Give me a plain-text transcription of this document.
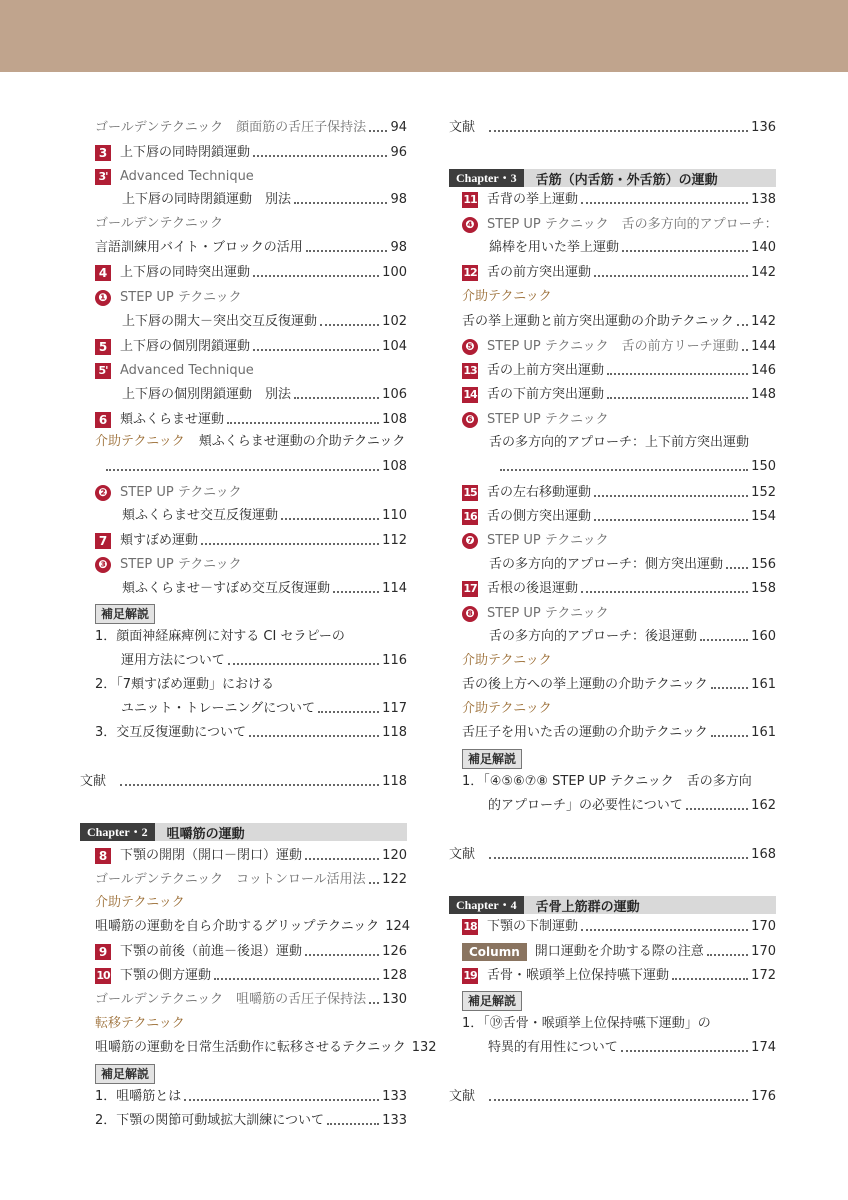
ゴールデンテクニック　顔面筋の舌圧子保持法 94
3 上下唇の同時閉鎖運動	96
3' Advanced Technique
上下唇の同時閉鎖運動　別法	98
ゴールデンテクニック
言語訓練用バイト・ブロックの活用	98
4 上下唇の同時突出運動	100
❶ STEP UP テクニック
上下唇の開大－突出交互反復運動	102
5 上下唇の個別閉鎖運動	104
5' Advanced Technique
上下唇の個別閉鎖運動　別法	106
6 頬ふくらませ運動	108
介助テクニック 頬ふくらませ運動の介助テクニック
108
❷ STEP UP テクニック
頬ふくらませ交互反復運動	110
7 頬すぼめ運動	112
❸ STEP UP テクニック
頬ふくらませ－すぼめ交互反復運動	114
補足解説
1．顔面神経麻痺例に対する CI セラピーの
運用方法について	116
2．「7頬すぼめ運動」における
ユニット・トレーニングについて	117
3．交互反復運動について	118
文献	118
Chapter・2	咀嚼筋の運動
8 下顎の開閉（開口－閉口）運動	120
ゴールデンテクニック　コットンロール活用法 122
介助テクニック
咀嚼筋の運動を自ら介助するグリップテクニック 124
9 下顎の前後（前進－後退）運動	126
10 下顎の側方運動	128
ゴールデンテクニック　咀嚼筋の舌圧子保持法 130
転移テクニック
咀嚼筋の運動を日常生活動作に転移させるテクニック 132
補足解説
1．咀嚼筋とは	133
2．下顎の関節可動域拡大訓練について	133
文献	136
Chapter・3	舌筋（内舌筋・外舌筋）の運動
11 舌背の挙上運動	138
❹ STEP UP テクニック　舌の多方向的アプローチ：
綿棒を用いた挙上運動	140
12 舌の前方突出運動	142
介助テクニック
舌の挙上運動と前方突出運動の介助テクニック 142
❺ STEP UP テクニック　舌の前方リーチ運動 144
13 舌の上前方突出運動	146
14 舌の下前方突出運動	148
❻ STEP UP テクニック
舌の多方向的アプローチ：上下前方突出運動
150
15 舌の左右移動運動	152
16 舌の側方突出運動	154
❼ STEP UP テクニック
舌の多方向的アプローチ：側方突出運動 156
17 舌根の後退運動	158
❽ STEP UP テクニック
舌の多方向的アプローチ：後退運動	160
介助テクニック
舌の後上方への挙上運動の介助テクニック	161
介助テクニック
舌圧子を用いた舌の運動の介助テクニック	161
補足解説
1．「④⑤⑥⑦⑧ STEP UP テクニック　舌の多方向
的アプローチ」の必要性について	162
文献	168
Chapter・4	舌骨上筋群の運動
18 下顎の下制運動	170
Column	開口運動を介助する際の注意	170
19 舌骨・喉頭挙上位保持嚥下運動	172
補足解説
1．「⑲舌骨・喉頭挙上位保持嚥下運動」の
特異的有用性について	174
文献	176
